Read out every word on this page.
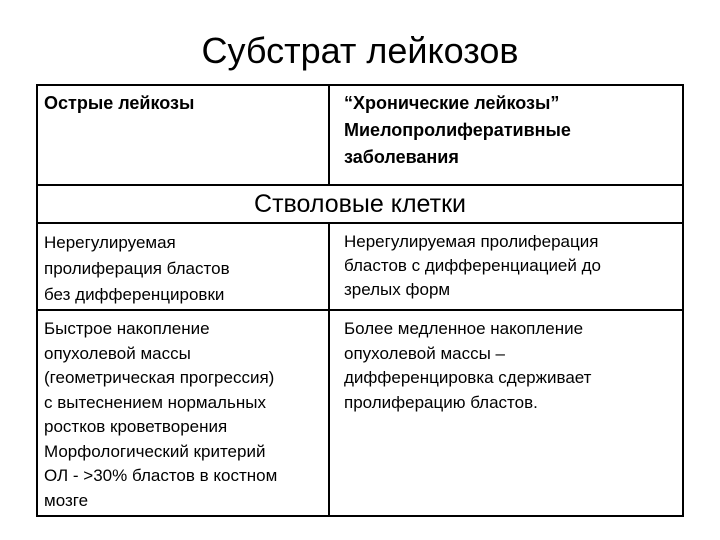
Субстрат лейкозов
Острые лейкозы	“Хронические лейкозы”
Миелопролиферативные
заболевания
Стволовые клетки
Нерегулируемая
пролиферация бластов
без дифференцировки
Нерегулируемая пролиферация
бластов с дифференциацией до
зрелых форм
Быстрое накопление
опухолевой массы
(геометрическая прогрессия)
с вытеснением нормальных
ростков кроветворения
Морфологический критерий
ОЛ - >30% бластов в костном
мозге
Более медленное накопление
опухолевой массы –
дифференцировка сдерживает
пролиферацию бластов.
